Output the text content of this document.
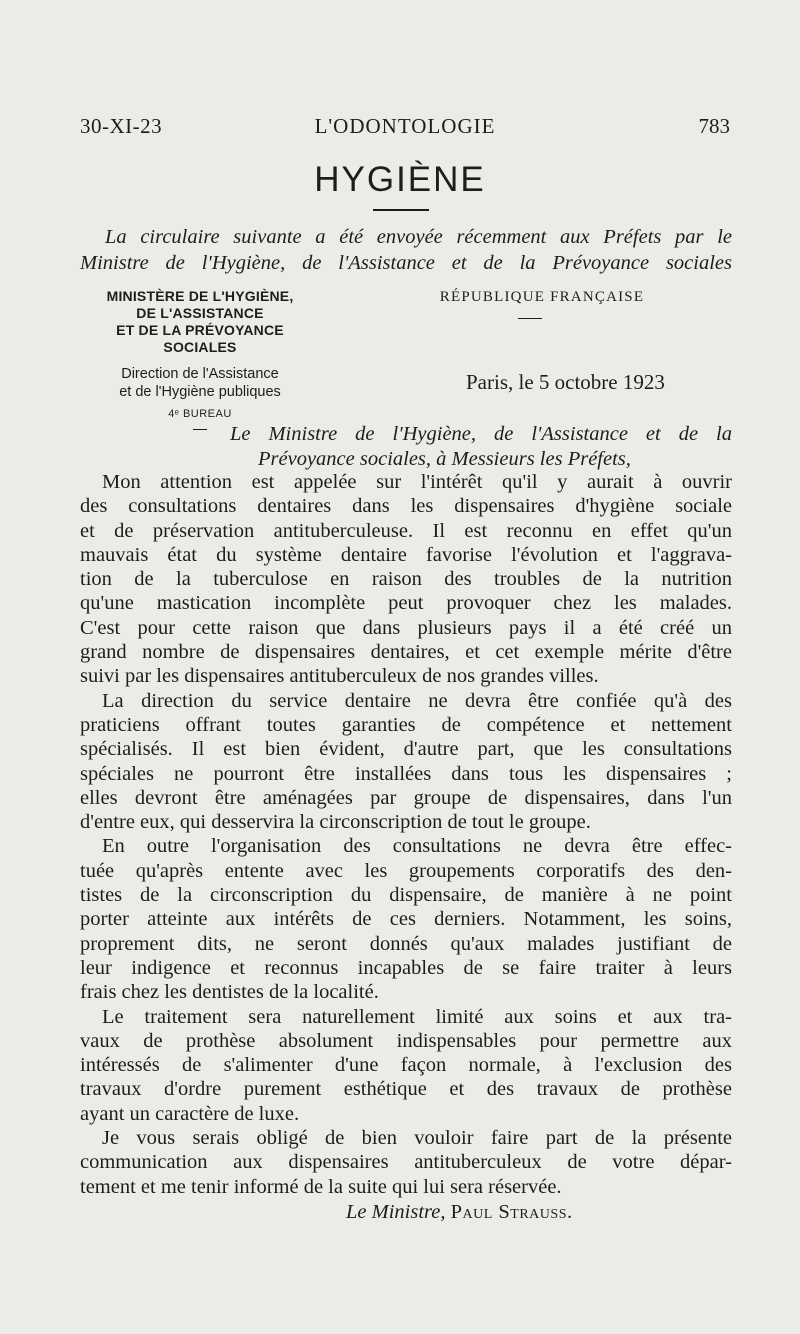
30-XI-23	L'ODONTOLOGIE	783
HYGIÈNE
La circulaire suivante a été envoyée récemment aux Préfets par le
Ministre de l'Hygiène, de l'Assistance et de la Prévoyance sociales
MINISTÈRE DE L'HYGIÈNE,
DE L'ASSISTANCE
ET DE LA PRÉVOYANCE SOCIALES
Direction de l'Assistance
et de l'Hygiène publiques
4ᵉ BUREAU
RÉPUBLIQUE FRANÇAISE
Paris, le 5 octobre 1923
Le Ministre de l'Hygiène, de l'Assistance et de la
Prévoyance sociales, à Messieurs les Préfets,
Mon attention est appelée sur l'intérêt qu'il y aurait à ouvrir
des consultations dentaires dans les dispensaires d'hygiène sociale
et de préservation antituberculeuse. Il est reconnu en effet qu'un
mauvais état du système dentaire favorise l'évolution et l'aggrava-
tion de la tuberculose en raison des troubles de la nutrition
qu'une mastication incomplète peut provoquer chez les malades.
C'est pour cette raison que dans plusieurs pays il a été créé un
grand nombre de dispensaires dentaires, et cet exemple mérite d'être
suivi par les dispensaires antituberculeux de nos grandes villes.
La direction du service dentaire ne devra être confiée qu'à des
praticiens offrant toutes garanties de compétence et nettement
spécialisés. Il est bien évident, d'autre part, que les consultations
spéciales ne pourront être installées dans tous les dispensaires ;
elles devront être aménagées par groupe de dispensaires, dans l'un
d'entre eux, qui desservira la circonscription de tout le groupe.
En outre l'organisation des consultations ne devra être effec-
tuée qu'après entente avec les groupements corporatifs des den-
tistes de la circonscription du dispensaire, de manière à ne point
porter atteinte aux intérêts de ces derniers. Notamment, les soins,
proprement dits, ne seront donnés qu'aux malades justifiant de
leur indigence et reconnus incapables de se faire traiter à leurs
frais chez les dentistes de la localité.
Le traitement sera naturellement limité aux soins et aux tra-
vaux de prothèse absolument indispensables pour permettre aux
intéressés de s'alimenter d'une façon normale, à l'exclusion des
travaux d'ordre purement esthétique et des travaux de prothèse
ayant un caractère de luxe.
Je vous serais obligé de bien vouloir faire part de la présente
communication aux dispensaires antituberculeux de votre dépar-
tement et me tenir informé de la suite qui lui sera réservée.
Le Ministre, Paul Strauss.
